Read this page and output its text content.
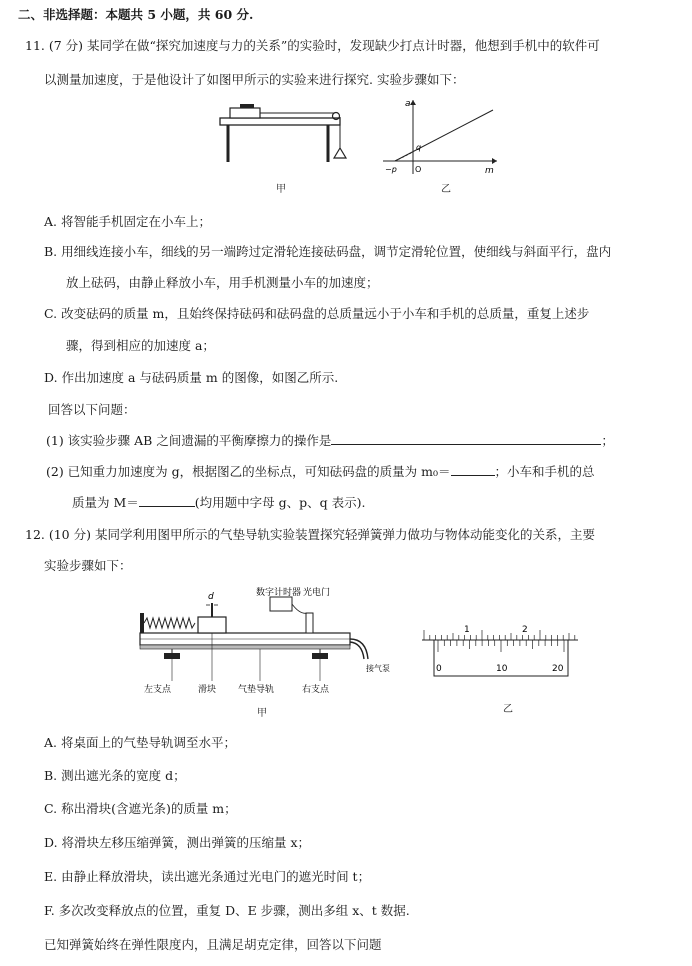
二、非选择题：本题共 5 小题，共 60 分.
11. (7 分) 某同学在做“探究加速度与力的关系”的实验时，发现缺少打点计时器，他想到手机中的软件可
以测量加速度，于是他设计了如图甲所示的实验来进行探究. 实验步骤如下：
甲
a
m
q
−p O
乙
A. 将智能手机固定在小车上；
B. 用细线连接小车，细线的另一端跨过定滑轮连接砝码盘，调节定滑轮位置，使细线与斜面平行，盘内
放上砝码，由静止释放小车，用手机测量小车的加速度；
C. 改变砝码的质量 m，且始终保持砝码和砝码盘的总质量远小于小车和手机的总质量，重复上述步
骤，得到相应的加速度 a；
D. 作出加速度 a 与砝码质量 m 的图像，如图乙所示.
回答以下问题：
(1) 该实验步骤 AB 之间遗漏的平衡摩擦力的操作是	；
(2) 已知重力加速度为 g，根据图乙的坐标点，可知砝码盘的质量为 m₀＝	；小车和手机的总
质量为 M＝	(均用题中字母 g、p、q 表示).
12. (10 分) 某同学利用图甲所示的气垫导轨实验装置探究轻弹簧弹力做功与物体动能变化的关系，主要
实验步骤如下：
数字计时器 光电门
d
左支点	滑块 气垫导轨	右支点
接气泵
甲
1	2
0	10	20
乙
A. 将桌面上的气垫导轨调至水平；
B. 测出遮光条的宽度 d；
C. 称出滑块(含遮光条)的质量 m；
D. 将滑块左移压缩弹簧，测出弹簧的压缩量 x；
E. 由静止释放滑块，读出遮光条通过光电门的遮光时间 t；
F. 多次改变释放点的位置，重复 D、E 步骤，测出多组 x、t 数据.
已知弹簧始终在弹性限度内，且满足胡克定律，回答以下问题
